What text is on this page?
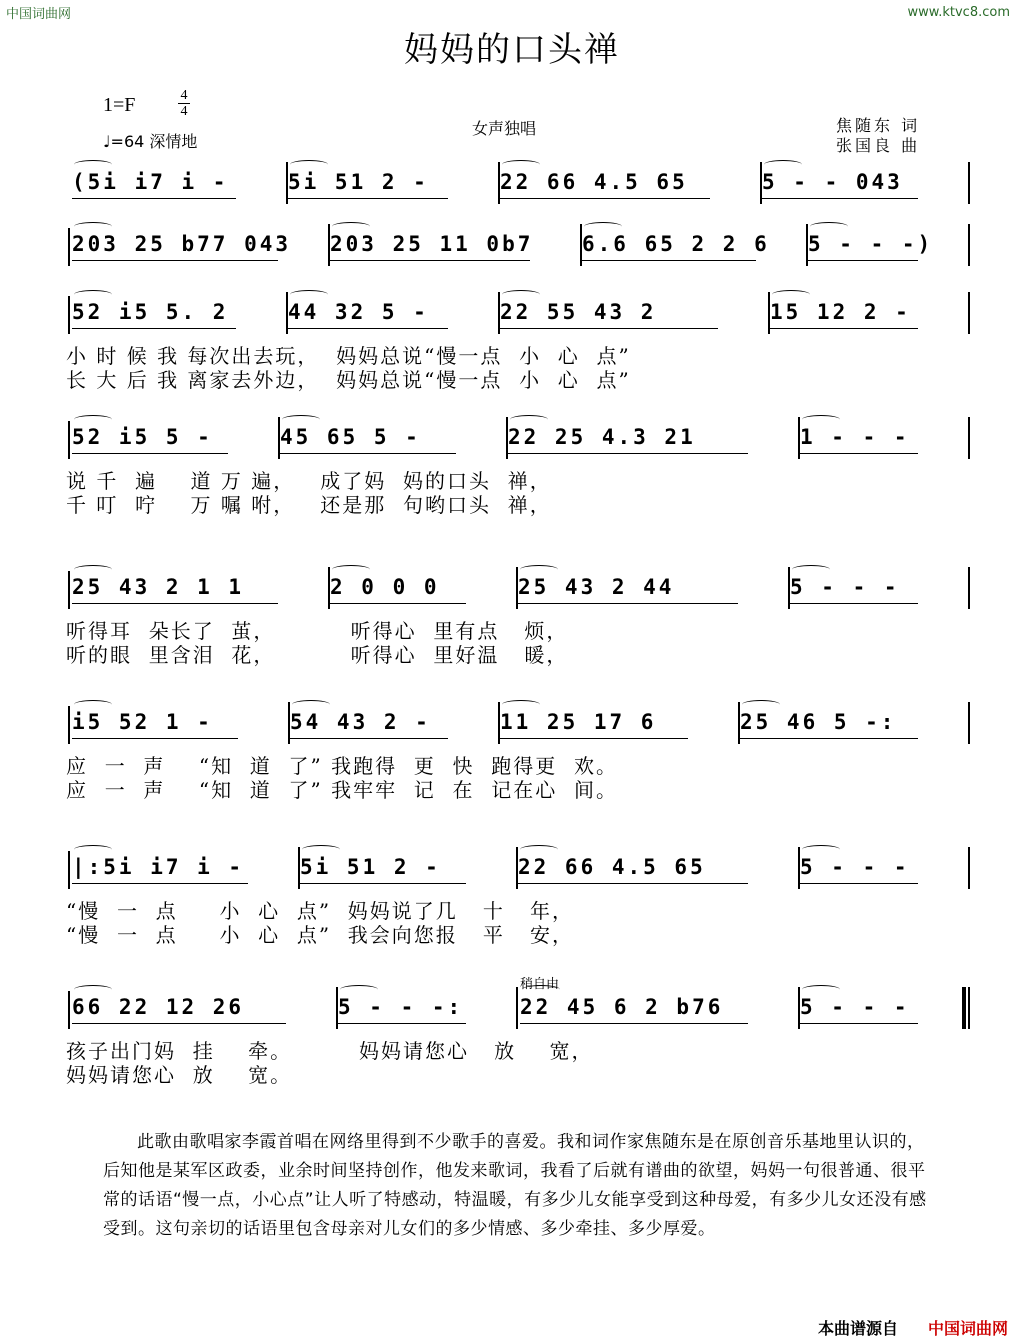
中国词曲网	www.ktvc8.com
妈妈的口头禅
1=F	4
4
♩=64 深情地
女声独唱	焦随东 词
张国良 曲
(5i i7 i -	5i 51 2 -	22 66 4.5 65	5 - - 043
203 25 b77 043 203 25 11 0b7 6.6 65 2 2 6 5 - - -)
52 i5 5. 2	44 32 5 -	22 55 43 2	15 12 2 -
小 时 候 我 每次出去玩，  妈妈总说“慢一点  小  心  点”
长 大 后 我 离家去外边，  妈妈总说“慢一点  小  心  点”
52 i5 5 -	45 65 5 -	22 25 4.3 21	1 - - -
说 千  遍    道 万 遍，   成了妈  妈的口头  禅，
千 叮  咛    万 嘱 咐，   还是那  句哟口头  禅，
25 43 2 1 1	2 0 0 0	25 43 2 44	5 - - -
听得耳  朵长了  茧，         听得心  里有点   烦，
听的眼  里含泪  花，         听得心  里好温   暖，
i5 52 1 -	54 43 2 -	11 25 17 6	25 46 5 -:
应  一  声    “知  道  了” 我跑得  更  快  跑得更  欢。
应  一  声    “知  道  了” 我牢牢  记  在  记在心  间。
|:5i i7 i -	5i 51 2 -	22 66 4.5 65	5 - - -
“慢  一  点     小  心  点”  妈妈说了几   十   年，
“慢  一  点     小  心  点”  我会向您报   平   安，
稍自由
66 22 12 26	5 - - -:	22 45 6 2 b76	5 - - -
孩子出门妈  挂    牵。        妈妈请您心   放    宽，
妈妈请您心  放    宽。
此歌由歌唱家李霞首唱在网络里得到不少歌手的喜爱。我和词作家焦随东是在原创音乐基地里认识的，后知他是某军区政委，业余时间坚持创作，他发来歌词，我看了后就有谱曲的欲望，妈妈一句很普通、很平常的话语“慢一点，小心点”让人听了特感动，特温暖，有多少儿女能享受到这种母爱，有多少儿女还没有感受到。这句亲切的话语里包含母亲对儿女们的多少情感、多少牵挂、多少厚爱。
本曲谱源自 中国词曲网
